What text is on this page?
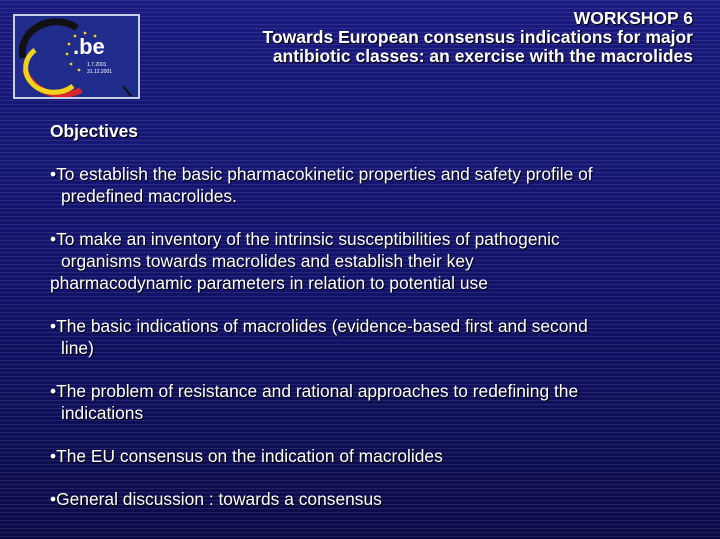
.be
1.7.2001
31.12.2001
WORKSHOP 6
Towards European consensus indications for major
antibiotic classes: an exercise with the macrolides
Objectives
•To establish the basic pharmacokinetic properties and safety profile of
predefined macrolides.
•To make an inventory of the intrinsic susceptibilities of pathogenic
organisms towards macrolides and establish their key
pharmacodynamic parameters in relation to potential use
•The basic indications of macrolides (evidence-based first and second
line)
•The problem of resistance and rational approaches to redefining the
indications
•The EU consensus on the indication of macrolides
•General discussion : towards a consensus
